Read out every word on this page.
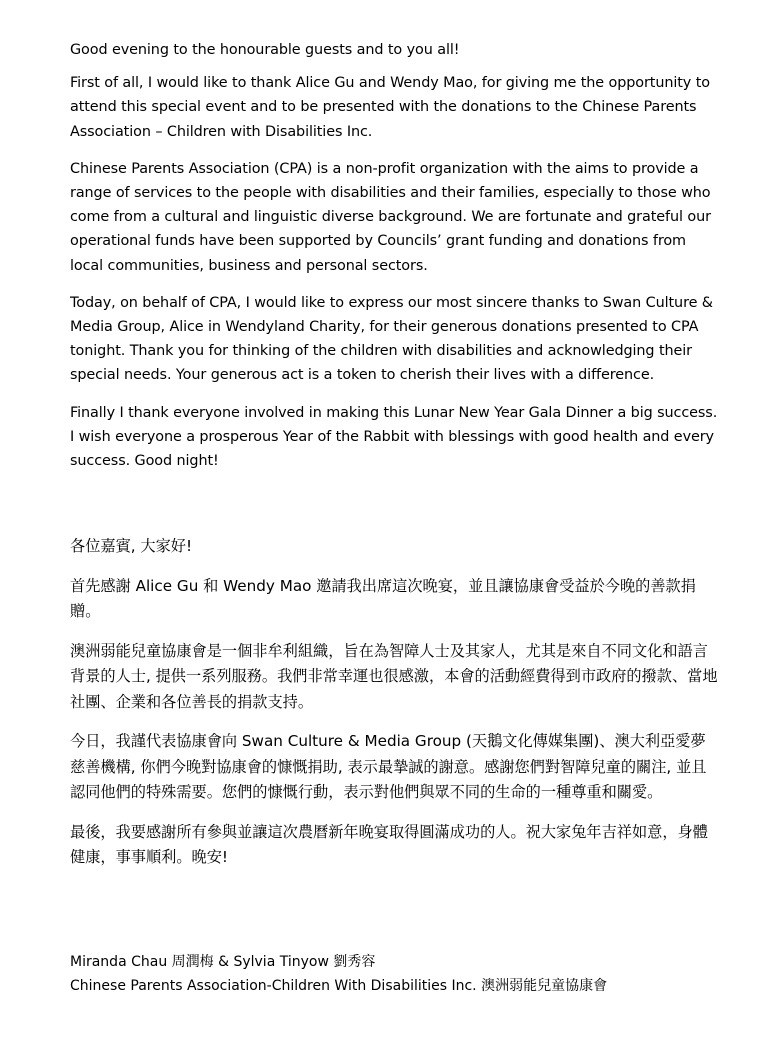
Good evening to the honourable guests and to you all!

First of all, I would like to thank Alice Gu and Wendy Mao, for giving me the opportunity to attend this special event and to be presented with the donations to the Chinese Parents Association – Children with Disabilities Inc.

Chinese Parents Association (CPA) is a non-profit organization with the aims to provide a range of services to the people with disabilities and their families, especially to those who come from a cultural and linguistic diverse background. We are fortunate and grateful our operational funds have been supported by Councils’ grant funding and donations from local communities, business and personal sectors.

Today, on behalf of CPA, I would like to express our most sincere thanks to Swan Culture & Media Group, Alice in Wendyland Charity, for their generous donations presented to CPA tonight. Thank you for thinking of the children with disabilities and acknowledging their special needs. Your generous act is a token to cherish their lives with a difference.

Finally I thank everyone involved in making this Lunar New Year Gala Dinner a big success. I wish everyone a prosperous Year of the Rabbit with blessings with good health and every success. Good night!

各位嘉賓, 大家好!

首先感謝 Alice Gu 和 Wendy Mao 邀請我出席這次晚宴，並且讓協康會受益於今晚的善款捐贈。

澳洲弱能兒童協康會是一個非牟利組織，旨在為智障人士及其家人，尤其是來自不同文化和語言背景的人士, 提供一系列服務。我們非常幸運也很感激，本會的活動經費得到市政府的撥款、當地社團、企業和各位善長的捐款支持。

今日，我謹代表協康會向 Swan Culture & Media Group (天鵝文化傳媒集團)、澳大利亞愛夢慈善機構, 你們今晚對協康會的慷慨捐助, 表示最摯誠的謝意。感謝您們對智障兒童的關注, 並且認同他們的特殊需要。您們的慷慨行動，表示對他們與眾不同的生命的一種尊重和關愛。

最後，我要感謝所有參與並讓這次農曆新年晚宴取得圓滿成功的人。祝大家兔年吉祥如意，身體健康，事事順利。晚安!

Miranda Chau 周潤梅 & Sylvia Tinyow 劉秀容
Chinese Parents Association-Children With Disabilities Inc. 澳洲弱能兒童協康會
